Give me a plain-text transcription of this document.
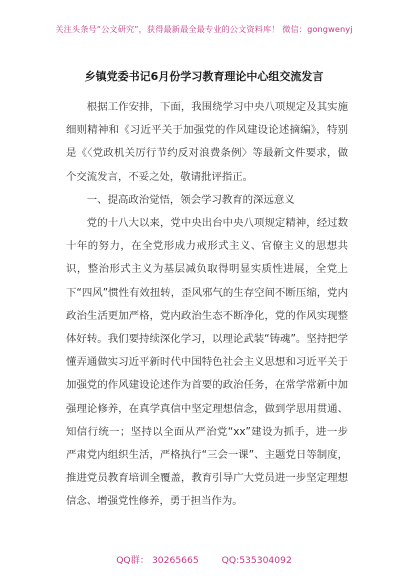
关注头条号“公文研究”，获得最新最全最专业的公文资料库！ 微信：gongwenyj
乡镇党委书记6月份学习教育理论中心组交流发言

根据工作安排，下面，我围绕学习中央八项规定及其实施细则精神和《习近平关于加强党的作风建设论述摘编》，特别是《〈党政机关厉行节约反对浪费条例〉等最新文件要求，做个交流发言，不妥之处，敬请批评指正。

一、提高政治觉悟，领会学习教育的深远意义

党的十八大以来，党中央出台中央八项规定精神，经过数十年的努力，在全党形成力戒形式主义、官僚主义的思想共识，整治形式主义为基层减负取得明显实质性进展，全党上下“四风”惯性有效扭转，歪风邪气的生存空间不断压缩，党内政治生活更加严格，党内政治生态不断净化，党的作风实现整体好转。我们要持续深化学习，以理论武装“铸魂”。坚持把学懂弄通做实习近平新时代中国特色社会主义思想和习近平关于加强党的作风建设论述作为首要的政治任务，在常学常新中加强理论修养，在真学真信中坚定理想信念，做到学思用贯通、知信行统一；坚持以全面从严治党“xx”建设为抓手，进一步严肃党内组织生活，严格执行“三会一课”、主题党日等制度，推进党员教育培训全覆盖，教育引导广大党员进一步坚定理想信念、增强党性修养，勇于担当作为。

QQ群： 30265665 QQ:535304092
